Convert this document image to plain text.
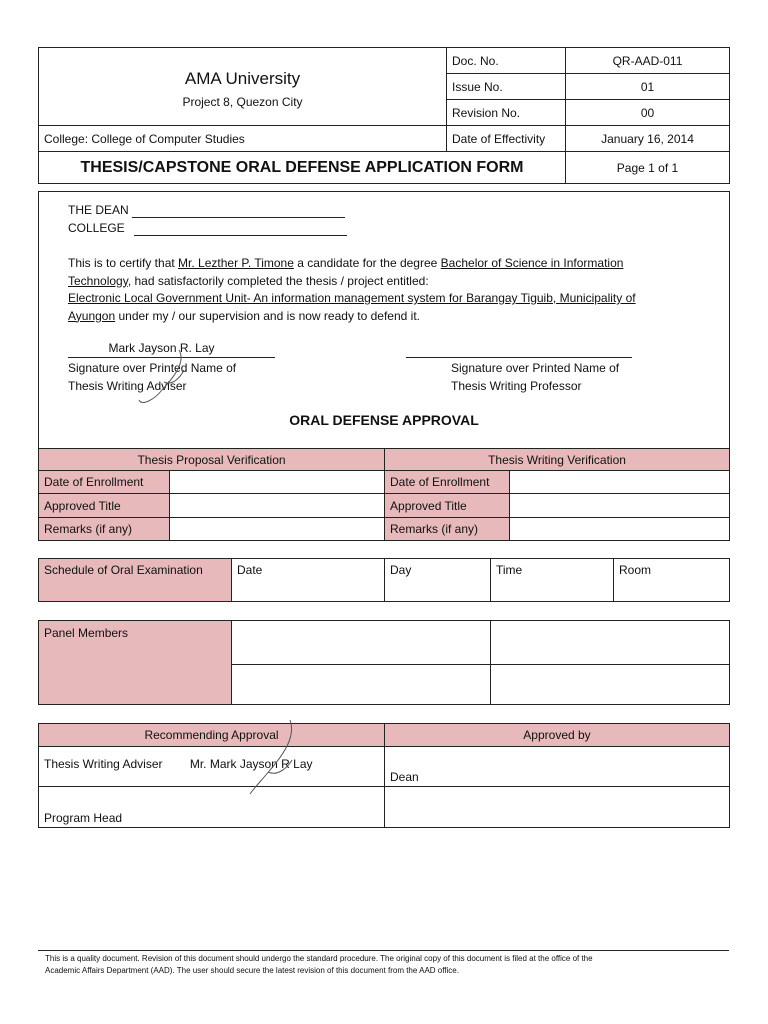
AMA University
Project 8, Quezon City	Doc. No.	QR-AAD-011
	Issue No.	01
	Revision No.	00
College: College of Computer Studies	Date of Effectivity	January 16, 2014
THESIS/CAPSTONE ORAL DEFENSE APPLICATION FORM		Page 1 of 1
THE DEAN
COLLEGE
This is to certify that Mr. Lezther P. Timone a candidate for the degree Bachelor of Science in Information
Technology, had satisfactorily completed the thesis / project entitled:
Electronic Local Government Unit- An information management system for Barangay Tiguib, Municipality of
Ayungon under my / our supervision and is now ready to defend it.
Mark Jayson R. Lay
Signature over Printed Name of
Thesis Writing Adviser
Signature over Printed Name of
Thesis Writing Professor
ORAL DEFENSE APPROVAL
Thesis Proposal Verification		Thesis Writing Verification	
Date of Enrollment		Date of Enrollment	
Approved Title		Approved Title	
Remarks (if any)		Remarks (if any)	
Schedule of Oral Examination	Date	Day	Time	Room
Panel Members		

Recommending Approval	Approved by
Thesis Writing Adviser Mr. Mark Jayson R Lay	Dean
Program Head	
This is a quality document. Revision of this document should undergo the standard procedure. The original copy of this document is filed at the office of the
Academic Affairs Department (AAD). The user should secure the latest revision of this document from the AAD office.
